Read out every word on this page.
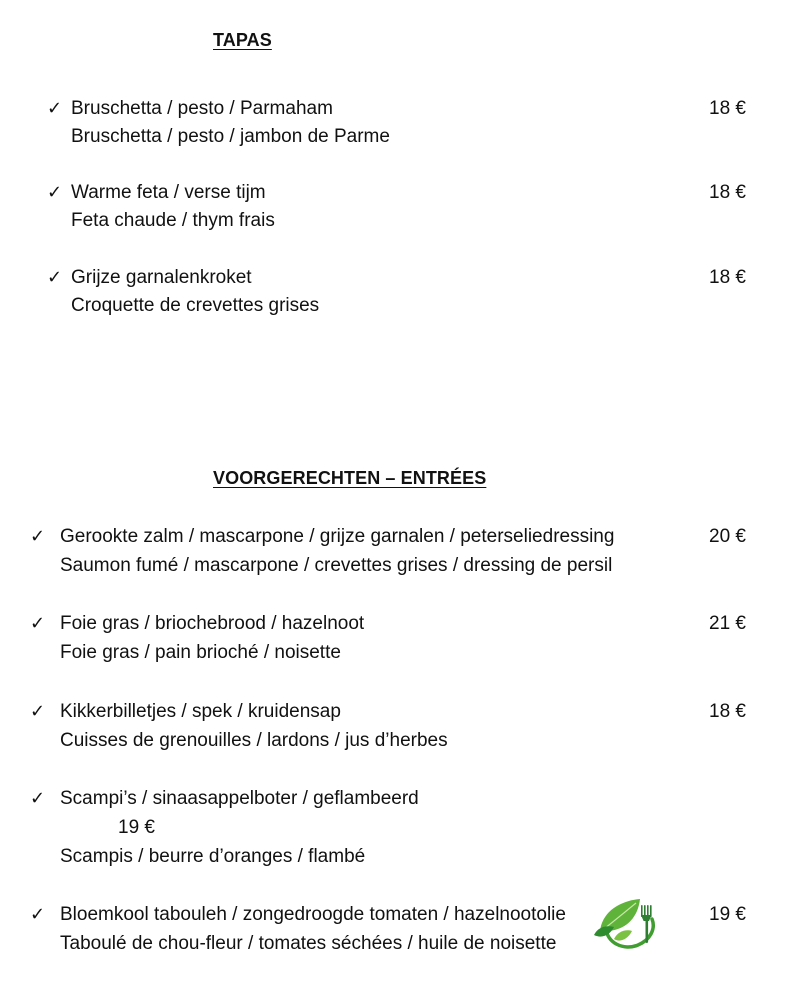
TAPAS
✓ Bruschetta / pesto / Parmaham
Bruschetta / pesto / jambon de Parme
18 €
✓ Warme feta / verse tijm
Feta chaude / thym frais
18 €
✓ Grijze garnalenkroket
Croquette de crevettes grises
18 €
VOORGERECHTEN – ENTRÉES
✓ Gerookte zalm / mascarpone / grijze garnalen / peterseliedressing
Saumon fumé / mascarpone / crevettes grises / dressing de persil
20 €
✓ Foie gras / briochebrood / hazelnoot
Foie gras / pain brioché / noisette
21 €
✓ Kikkerbilletjes / spek / kruidensap
Cuisses de grenouilles / lardons / jus d’herbes
18 €
✓ Scampi’s / sinaasappelboter / geflambeerd
19 €
Scampis / beurre d’oranges / flambé
✓ Bloemkool tabouleh / zongedroogde tomaten / hazelnootolie
Taboulé de chou-fleur / tomates séchées / huile de noisette
19 €
